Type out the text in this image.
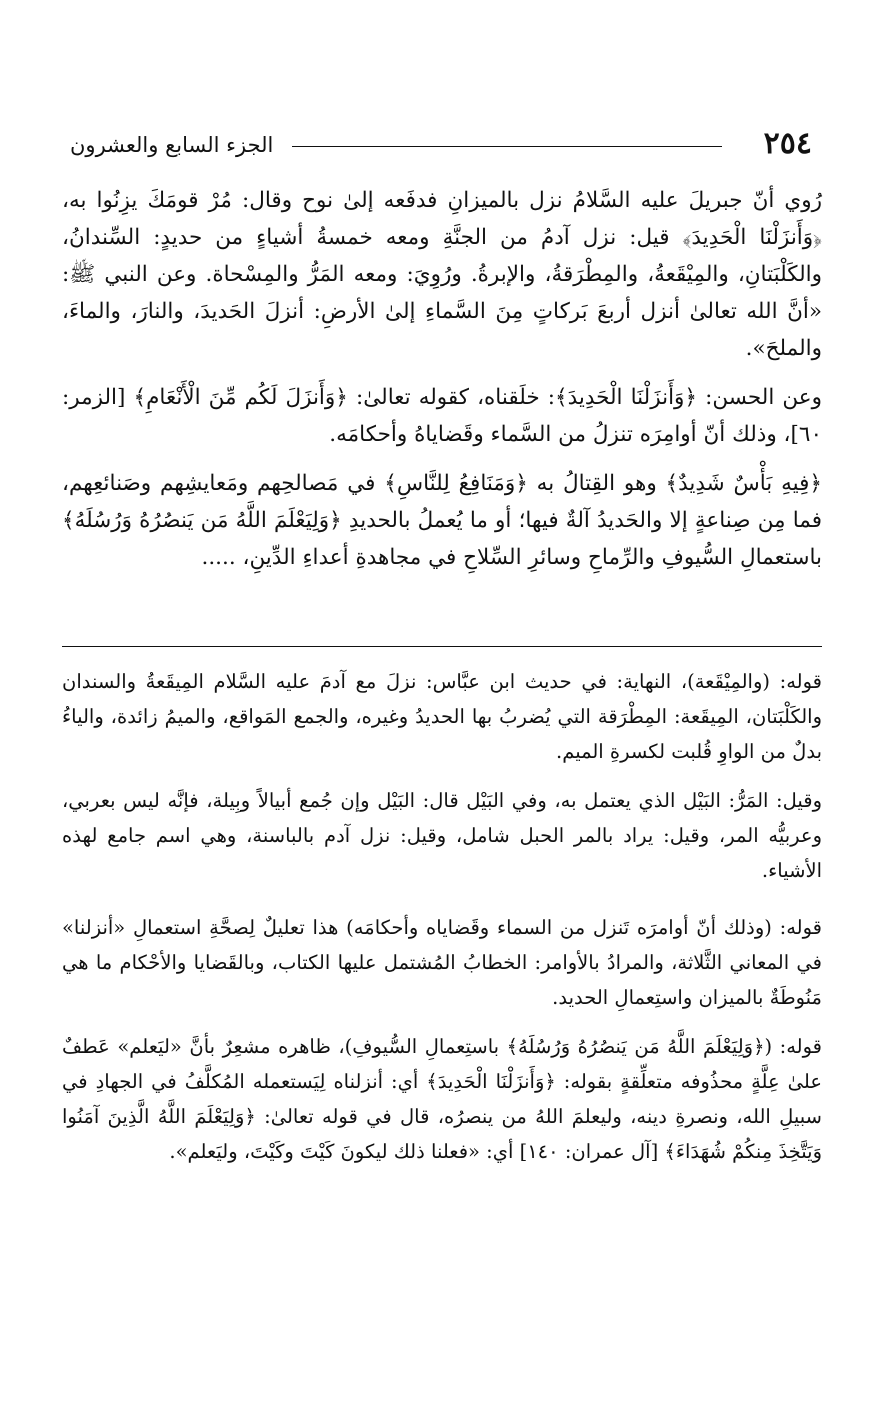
٢٥٤
الجزء السابع والعشرون

رُوي أنّ جبريلَ عليه السَّلامُ نزل بالميزانِ فدفَعه إلىٰ نوح وقال: مُرْ قومَكَ يزِنُوا به، ﴿وَأَنزَلْنَا الْحَدِيدَ﴾ قيل: نزل آدمُ من الجنَّةِ ومعه خمسةُ أشياءٍ من حديدٍ: السِّندانُ، والكَلْبَتانِ، والمِيْقَعةُ، والمِطْرَقةُ، والإبرةُ. ورُوِيَ: ومعه المَرُّ والمِسْحاة. وعن النبي ﷺ: «أنَّ الله تعالىٰ أنزل أربعَ بَركاتٍ مِنَ السَّماءِ إلىٰ الأرضِ: أنزلَ الحَديدَ، والنارَ، والماءَ، والملحَ».

وعن الحسن: ﴿وَأَنزَلْنَا الْحَدِيدَ﴾: خلَقناه، كقوله تعالىٰ: ﴿وَأَنزَلَ لَكُم مِّنَ الْأَنْعَامِ﴾ [الزمر: ٦٠]، وذلك أنّ أوامِرَه تنزلُ من السَّماء وقَضاياهُ وأحكامَه.

﴿فِيهِ بَأْسٌ شَدِيدٌ﴾ وهو القِتالُ به ﴿وَمَنَافِعُ لِلنَّاسِ﴾ في مَصالحِهم ومَعايشِهم وصَنائعِهم، فما مِن صِناعةٍ إلا والحَديدُ آلةٌ فيها؛ أو ما يُعملُ بالحديدِ ﴿وَلِيَعْلَمَ اللَّهُ مَن يَنصُرُهُ وَرُسُلَهُ﴾ باستعمالِ السُّيوفِ والرِّماحِ وسائرِ السِّلاحِ في مجاهدةِ أعداءِ الدِّينِ، .....

قوله: (والمِيْقَعة)، النهاية: في حديث ابن عبَّاس: نزلَ مع آدمَ عليه السَّلام المِيقَعةُ والسندان والكَلْبَتان، المِيقَعة: المِطْرَقة التي يُضربُ بها الحديدُ وغيره، والجمع المَواقع، والميمُ زائدة، والياءُ بدلٌ من الواوِ قُلبت لكسرةِ الميم.

وقيل: المَرُّ: البَيْل الذي يعتمل به، وفي البَيْل قال: البَيْل وإن جُمع أبيالاً وبِيلة، فإنَّه ليس بعربي، وعربيُّه المر، وقيل: يراد بالمر الحبل شامل، وقيل: نزل آدم بالباسنة، وهي اسم جامع لهذه الأشياء.

قوله: (وذلك أنّ أوامرَه تَنزل من السماء وقَضاياه وأحكامَه) هذا تعليلٌ لِصحَّةِ استعمالِ «أنزلنا» في المعاني الثَّلاثة، والمرادُ بالأوامر: الخطابُ المُشتمل عليها الكتاب، وبالقَضايا والأحْكام ما هي مَنُوطَةٌ بالميزان واستِعمالِ الحديد.

قوله: (﴿وَلِيَعْلَمَ اللَّهُ مَن يَنصُرُهُ وَرُسُلَهُ﴾ باستِعمالِ السُّيوفِ)، ظاهره مشعِرٌ بأنَّ «ليَعلم» عَطفٌ علىٰ عِلَّةٍ محذُوفه متعلِّقةٍ بقوله: ﴿وَأَنزَلْنَا الْحَدِيدَ﴾ أي: أنزلناه لِيَستعمله المُكلَّفُ في الجهادِ في سبيلِ الله، ونصرةِ دينه، وليعلمَ اللهُ من ينصرُه، قال في قوله تعالىٰ: ﴿وَلِيَعْلَمَ اللَّهُ الَّذِينَ آمَنُوا وَيَتَّخِذَ مِنكُمْ شُهَدَاءَ﴾ [آل عمران: ١٤٠] أي: «فعلنا ذلك ليكونَ كَيْتَ وكَيْتَ، وليَعلم».
